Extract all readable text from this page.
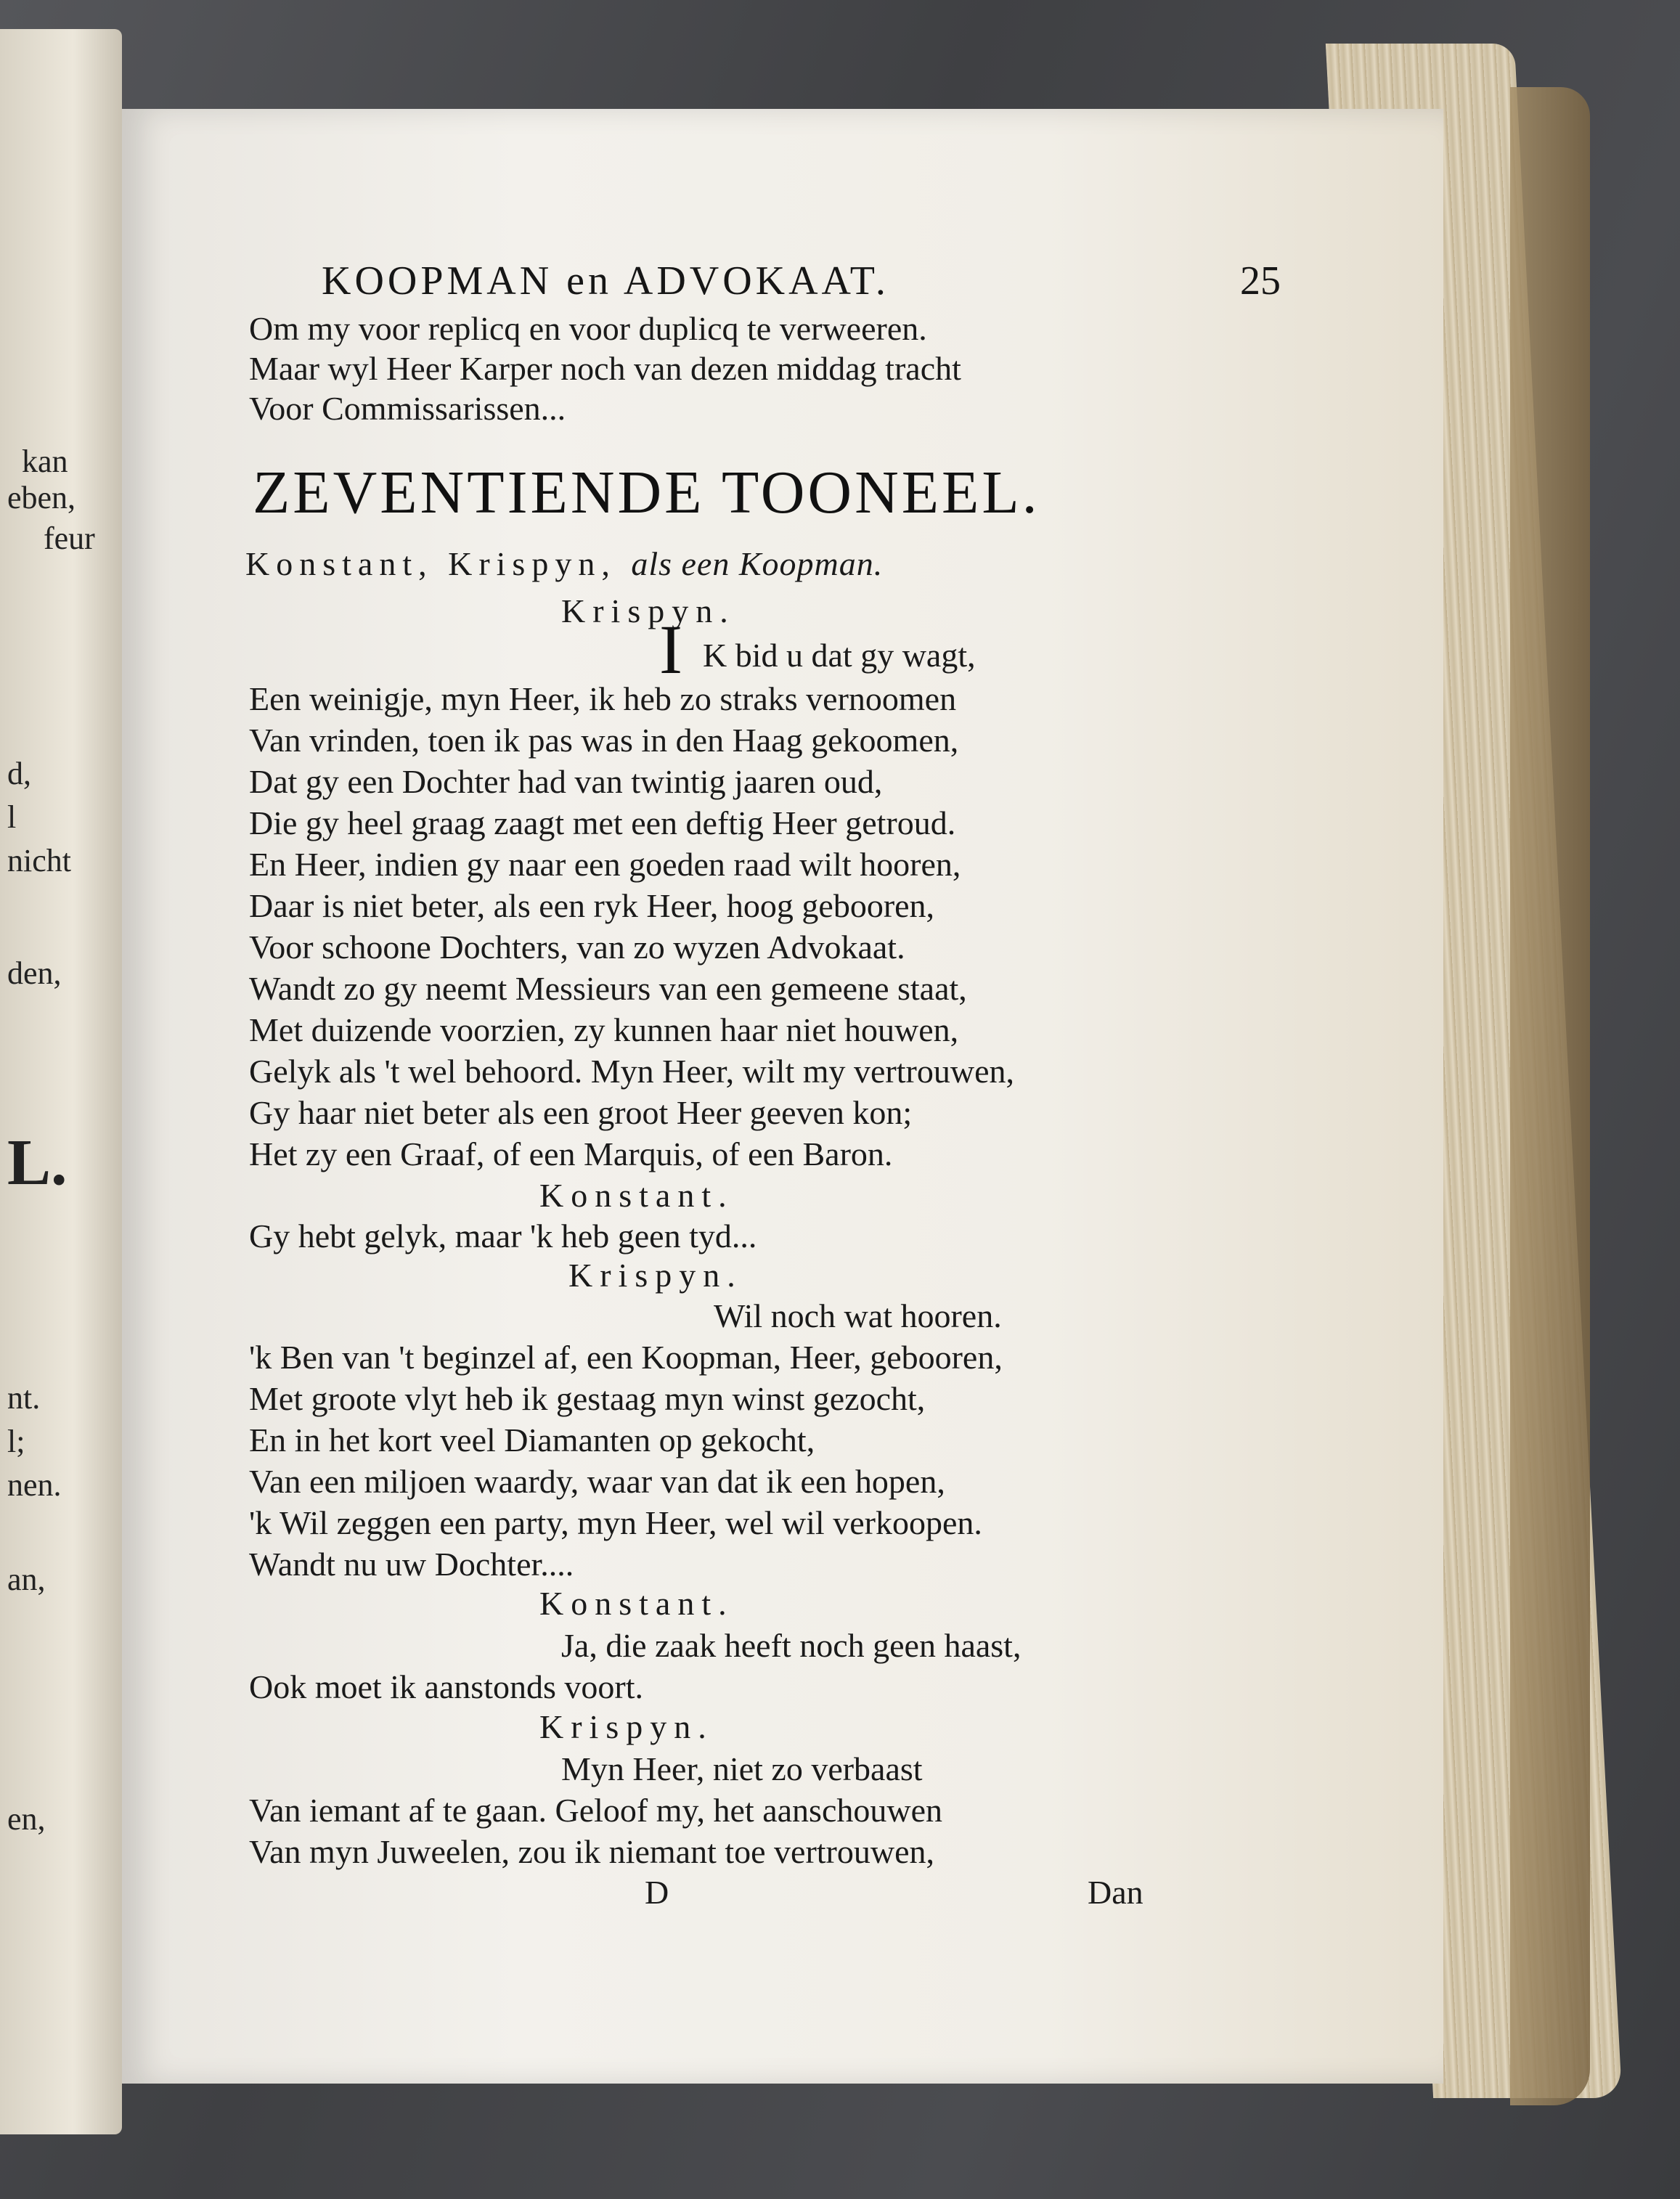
kan
eben,
feur
d,
l
nicht
den,
L.
nt.
l;
nen.
an,
en,
KOOPMAN en ADVOKAAT.	25
Om my voor replicq en voor duplicq te verweeren.
Maar wyl Heer Karper noch van dezen middag tracht
Voor Commissarissen...
ZEVENTIENDE TOONEEL.
Konstant, Krispyn, als een Koopman.
Krispyn.
I K bid u dat gy wagt,
Een weinigje, myn Heer, ik heb zo straks vernoomen
Van vrinden, toen ik pas was in den Haag gekoomen,
Dat gy een Dochter had van twintig jaaren oud,
Die gy heel graag zaagt met een deftig Heer getroud.
En Heer, indien gy naar een goeden raad wilt hooren,
Daar is niet beter, als een ryk Heer, hoog gebooren,
Voor schoone Dochters, van zo wyzen Advokaat.
Wandt zo gy neemt Messieurs van een gemeene staat,
Met duizende voorzien, zy kunnen haar niet houwen,
Gelyk als 't wel behoord. Myn Heer, wilt my vertrouwen,
Gy haar niet beter als een groot Heer geeven kon;
Het zy een Graaf, of een Marquis, of een Baron.
Konstant.
Gy hebt gelyk, maar 'k heb geen tyd...
Krispyn.
Wil noch wat hooren.
'k Ben van 't beginzel af, een Koopman, Heer, gebooren,
Met groote vlyt heb ik gestaag myn winst gezocht,
En in het kort veel Diamanten op gekocht,
Van een miljoen waardy, waar van dat ik een hopen,
'k Wil zeggen een party, myn Heer, wel wil verkoopen.
Wandt nu uw Dochter....
Konstant.
Ja, die zaak heeft noch geen haast,
Ook moet ik aanstonds voort.
Krispyn.
Myn Heer, niet zo verbaast
Van iemant af te gaan. Geloof my, het aanschouwen
Van myn Juweelen, zou ik niemant toe vertrouwen,
D	Dan
